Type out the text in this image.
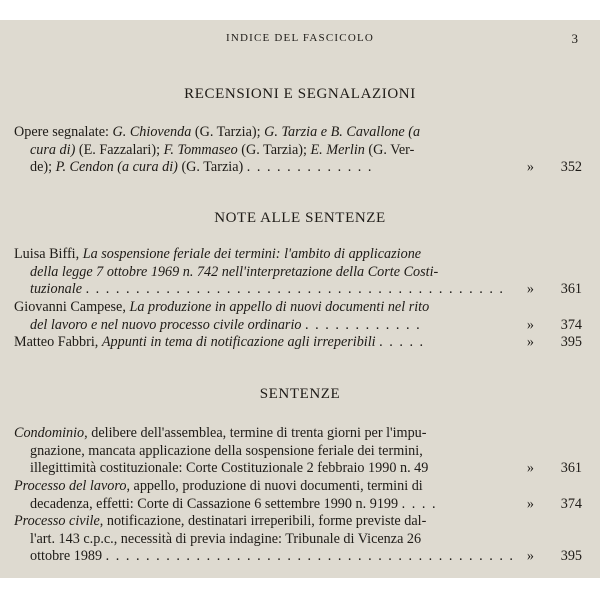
INDICE DEL FASCICOLO	3
RECENSIONI E SEGNALAZIONI
Opere segnalate: G. Chiovenda (G. Tarzia); G. Tarzia e B. Cavallone (a
cura di) (E. Fazzalari); F. Tommaseo (G. Tarzia); E. Merlin (G. Ver-
de); P. Cendon (a cura di) (G. Tarzia) . . . . . . . . . . . . .	»	352
NOTE ALLE SENTENZE
Luisa Biffi, La sospensione feriale dei termini: l'ambito di applicazione
della legge 7 ottobre 1969 n. 742 nell'interpretazione della Corte Costi-
tuzionale . . . . . . . . . . . . . . . . . . . . . . . . . . . . . . . . . . . . . . . . . . »	361
Giovanni Campese, La produzione in appello di nuovi documenti nel rito
del lavoro e nel nuovo processo civile ordinario . . . . . . . . . . . .	»	374
Matteo Fabbri, Appunti in tema di notificazione agli irreperibili . . . . .	»	395
SENTENZE
Condominio, delibere dell'assemblea, termine di trenta giorni per l'impu-
gnazione, mancata applicazione della sospensione feriale dei termini,
illegittimità costituzionale: Corte Costituzionale 2 febbraio 1990 n. 49	»	361
Processo del lavoro, appello, produzione di nuovi documenti, termini di
decadenza, effetti: Corte di Cassazione 6 settembre 1990 n. 9199 . . . .	»	374
Processo civile, notificazione, destinatari irreperibili, forme previste dal-
l'art. 143 c.p.c., necessità di previa indagine: Tribunale di Vicenza 26
ottobre 1989 . . . . . . . . . . . . . . . . . . . . . . . . . . . . . . . . . . . . . . . . . »	395
